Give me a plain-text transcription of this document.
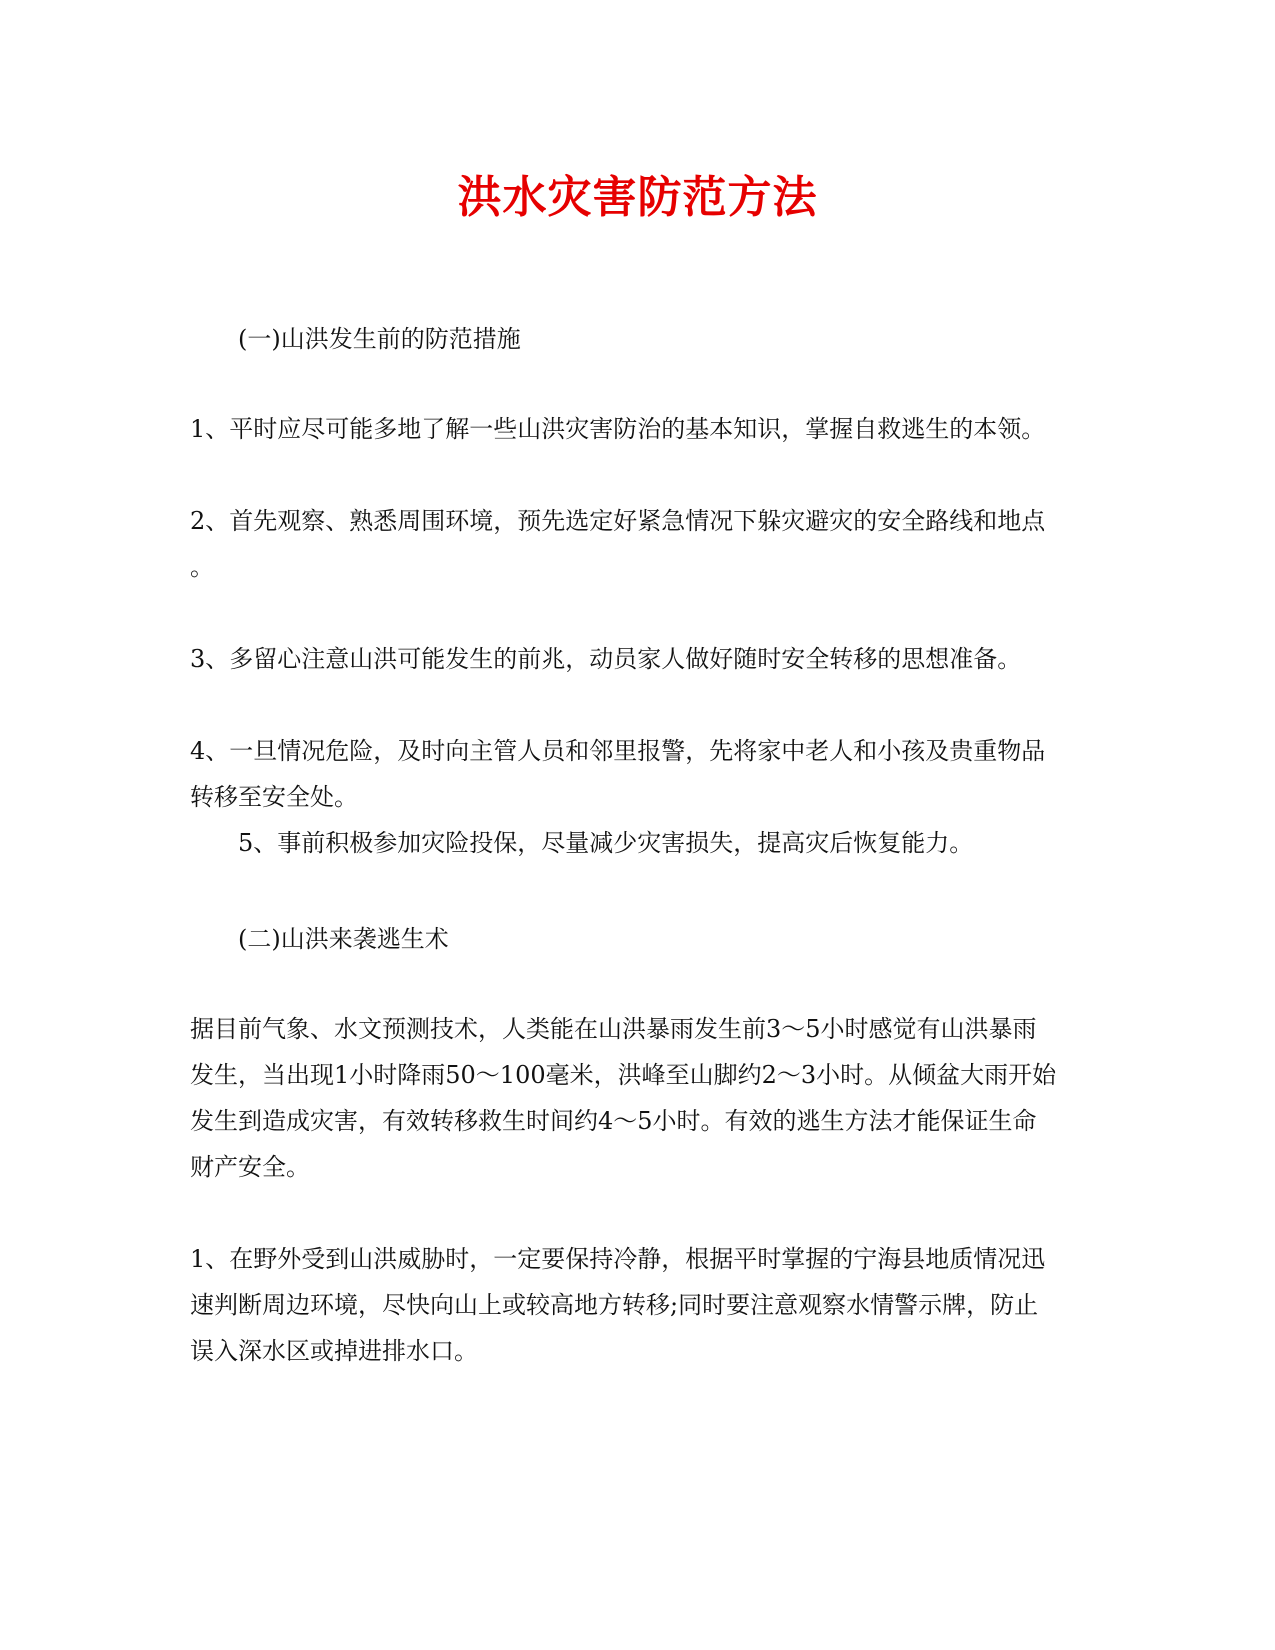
洪水灾害防范方法

(一)山洪发生前的防范措施

1、平时应尽可能多地了解一些山洪灾害防治的基本知识，掌握自救逃生的本领。

2、首先观察、熟悉周围环境，预先选定好紧急情况下躲灾避灾的安全路线和地点
。

3、多留心注意山洪可能发生的前兆，动员家人做好随时安全转移的思想准备。

4、一旦情况危险，及时向主管人员和邻里报警，先将家中老人和小孩及贵重物品
转移至安全处。

5、事前积极参加灾险投保，尽量减少灾害损失，提高灾后恢复能力。

(二)山洪来袭逃生术

据目前气象、水文预测技术，人类能在山洪暴雨发生前3～5小时感觉有山洪暴雨
发生，当出现1小时降雨50～100毫米，洪峰至山脚约2～3小时。从倾盆大雨开始
发生到造成灾害，有效转移救生时间约4～5小时。有效的逃生方法才能保证生命
财产安全。

1、在野外受到山洪威胁时，一定要保持冷静，根据平时掌握的宁海县地质情况迅
速判断周边环境，尽快向山上或较高地方转移;同时要注意观察水情警示牌，防止
误入深水区或掉进排水口。
